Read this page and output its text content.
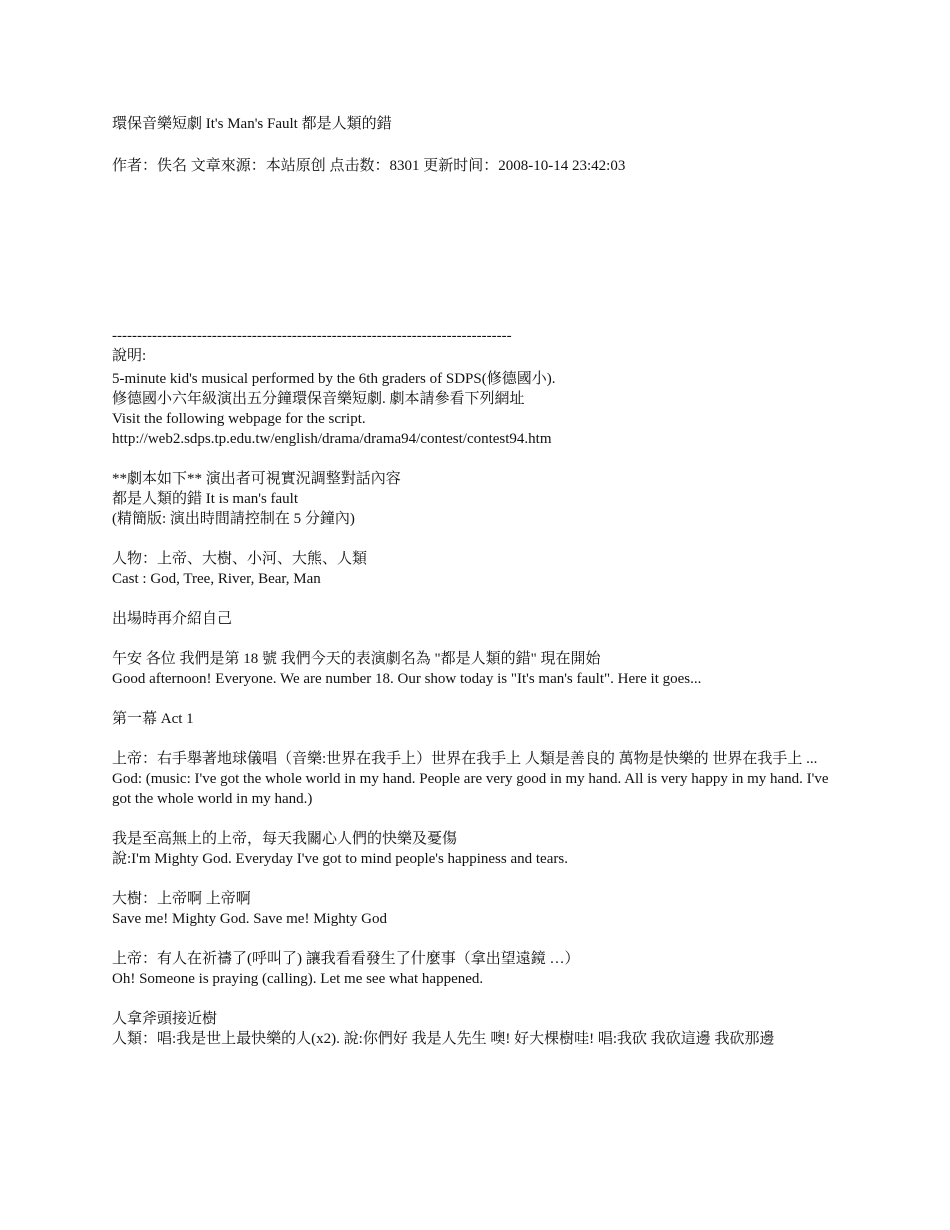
環保音樂短劇 It's Man's Fault 都是人類的錯
作者：佚名 文章來源：本站原创 点击数：8301 更新时间：2008-10-14 23:42:03
--------------------------------------------------------------------------------
說明:
5-minute kid's musical performed by the 6th graders of SDPS(修德國小).
修德國小六年級演出五分鐘環保音樂短劇. 劇本請參看下列網址
Visit the following webpage for the script.
http://web2.sdps.tp.edu.tw/english/drama/drama94/contest/contest94.htm
**劇本如下** 演出者可視實況調整對話內容
都是人類的錯 It is man's fault
(精簡版: 演出時間請控制在 5 分鐘內)
人物：上帝、大樹、小河、大熊、人類
Cast : God, Tree, River, Bear, Man
出場時再介紹自己
午安 各位 我們是第 18 號 我們今天的表演劇名為 "都是人類的錯" 現在開始
Good afternoon! Everyone. We are number 18. Our show today is "It's man's fault". Here it goes...
第一幕 Act 1
上帝：右手舉著地球儀唱（音樂:世界在我手上）世界在我手上 人類是善良的 萬物是快樂的 世界在我手上 ...
God: (music: I've got the whole world in my hand. People are very good in my hand. All is very happy in my hand. I've got the whole world in my hand.)
我是至高無上的上帝，每天我關心人們的快樂及憂傷
說:I'm Mighty God. Everyday I've got to mind people's happiness and tears.
大樹：上帝啊 上帝啊
Save me! Mighty God. Save me! Mighty God
上帝：有人在祈禱了(呼叫了) 讓我看看發生了什麼事（拿出望遠鏡 …）
Oh! Someone is praying (calling). Let me see what happened.
人拿斧頭接近樹
人類：唱:我是世上最快樂的人(x2). 說:你們好 我是人先生 噢! 好大棵樹哇! 唱:我砍 我砍這邊 我砍那邊
